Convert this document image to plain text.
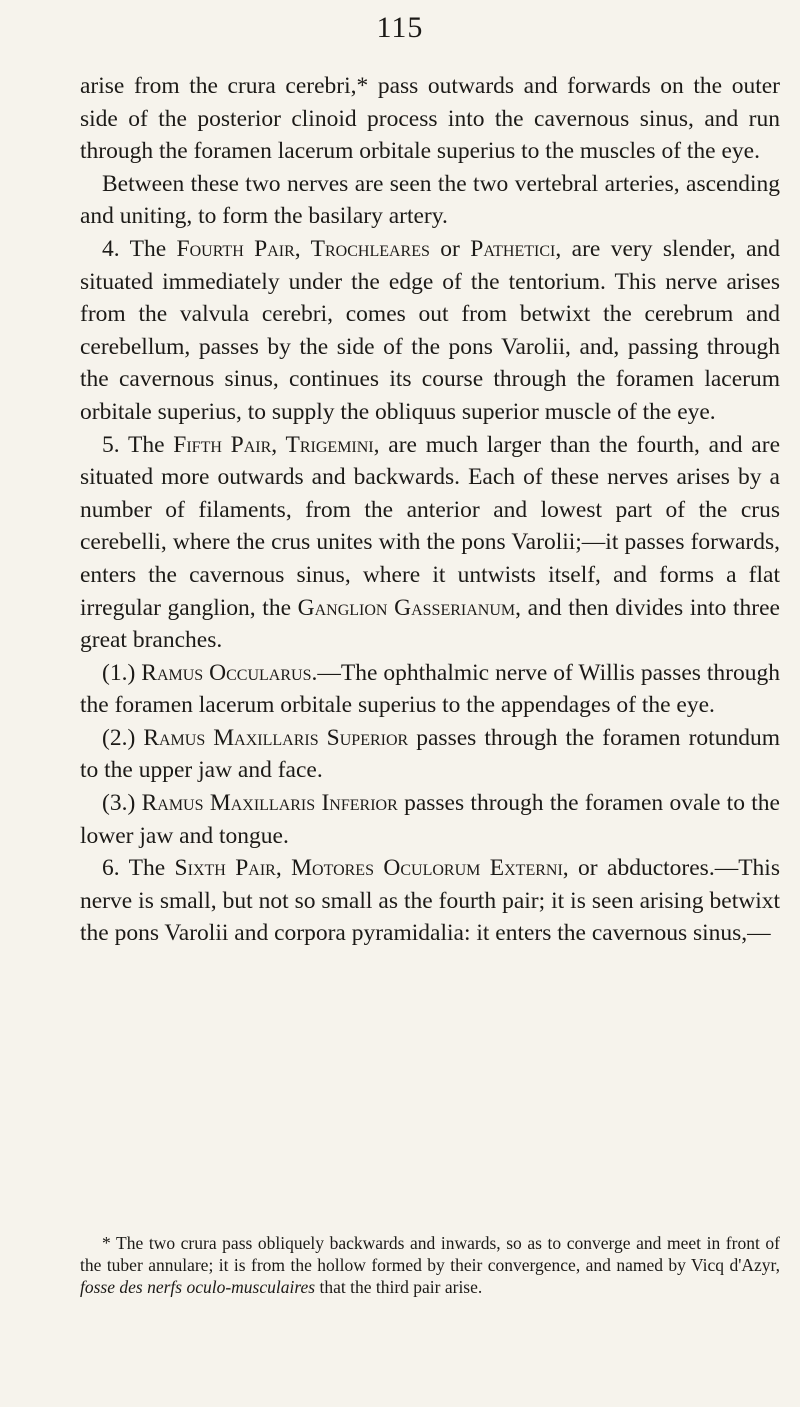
115

arise from the crura cerebri,* pass outwards and forwards on the outer side of the posterior clinoid process into the cavernous sinus, and run through the foramen lacerum orbitale superius to the muscles of the eye.

Between these two nerves are seen the two vertebral arteries, ascending and uniting, to form the basilary artery.

4. The Fourth Pair, Trochleares or Pathetici, are very slender, and situated immediately under the edge of the tentorium. This nerve arises from the valvula cerebri, comes out from betwixt the cerebrum and cerebellum, passes by the side of the pons Varolii, and, passing through the cavernous sinus, continues its course through the foramen lacerum orbitale superius, to supply the obliquus superior muscle of the eye.

5. The Fifth Pair, Trigemini, are much larger than the fourth, and are situated more outwards and backwards. Each of these nerves arises by a number of filaments, from the anterior and lowest part of the crus cerebelli, where the crus unites with the pons Varolii;—it passes forwards, enters the cavernous sinus, where it untwists itself, and forms a flat irregular ganglion, the Ganglion Gasserianum, and then divides into three great branches.

(1.) Ramus Occularus.—The ophthalmic nerve of Willis passes through the foramen lacerum orbitale superius to the appendages of the eye.

(2.) Ramus Maxillaris Superior passes through the foramen rotundum to the upper jaw and face.

(3.) Ramus Maxillaris Inferior passes through the foramen ovale to the lower jaw and tongue.

6. The Sixth Pair, Motores Oculorum Externi, or abductores.—This nerve is small, but not so small as the fourth pair; it is seen arising betwixt the pons Varolii and corpora pyramidalia: it enters the cavernous sinus,—

* The two crura pass obliquely backwards and inwards, so as to converge and meet in front of the tuber annulare; it is from the hollow formed by their convergence, and named by Vicq d'Azyr, fosse des nerfs oculo-musculaires that the third pair arise.
